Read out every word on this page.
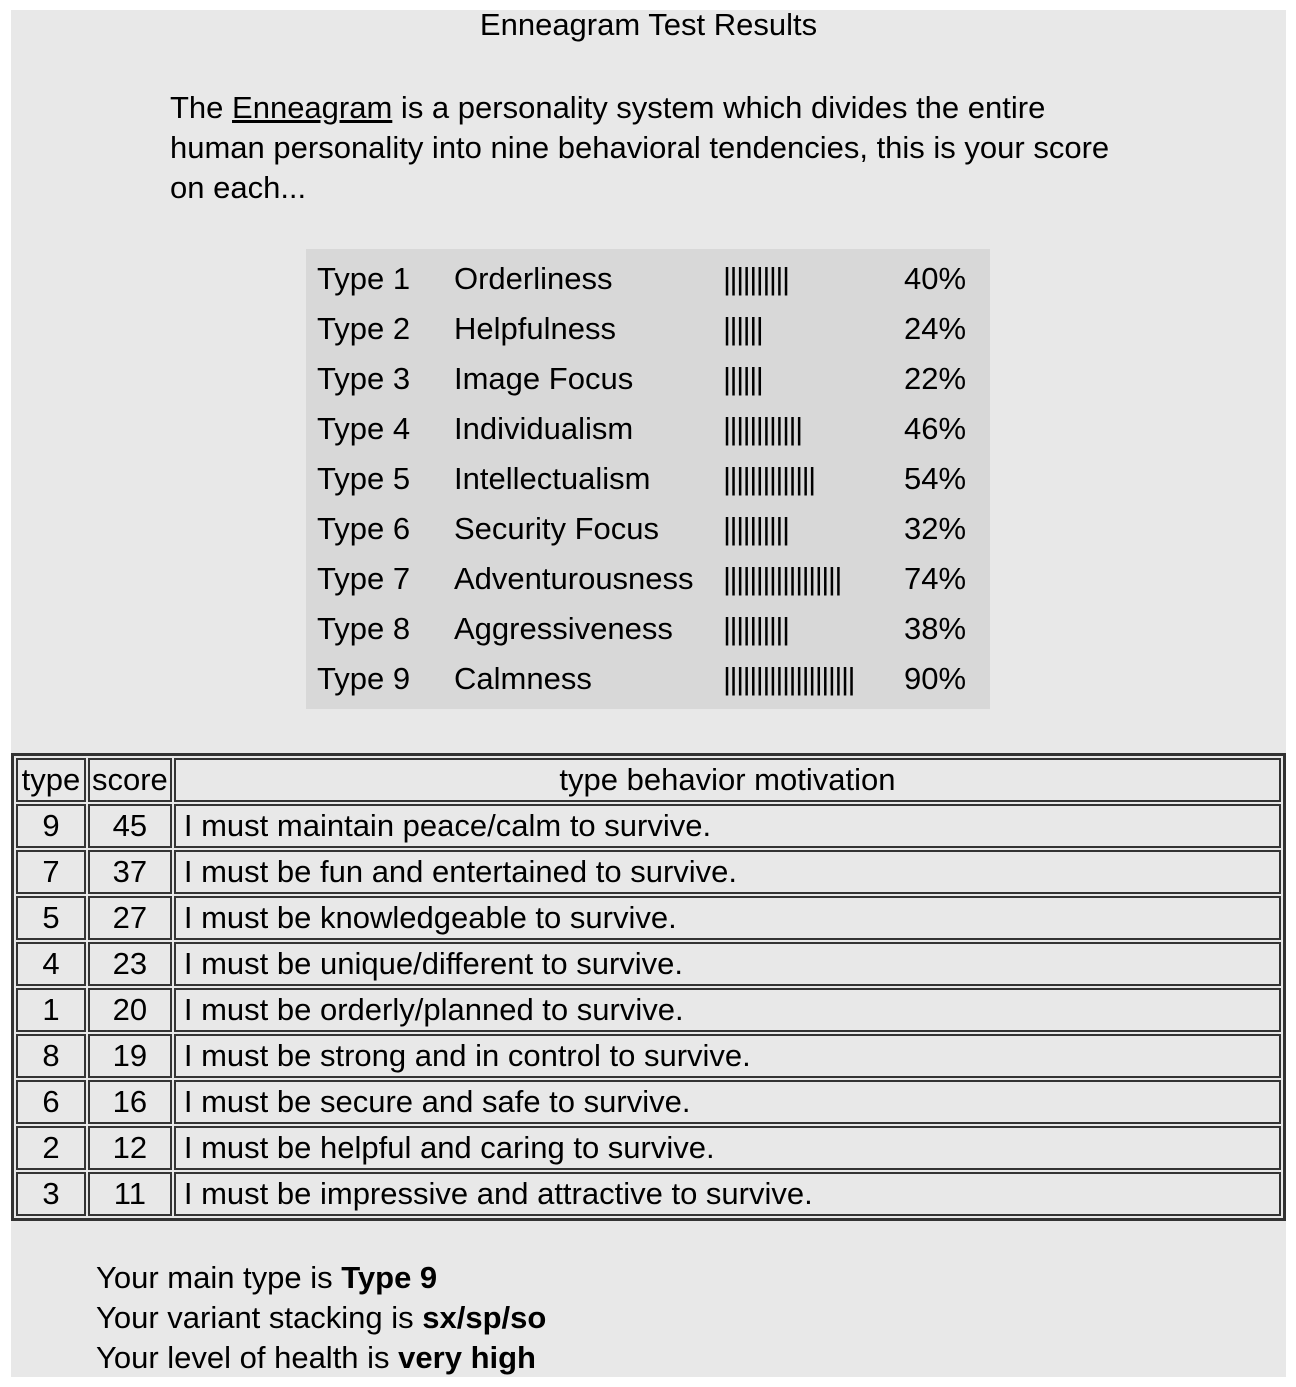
Enneagram Test Results
The Enneagram is a personality system which divides the entire human personality into nine behavioral tendencies, this is your score on each...
Type 1 Orderliness	||||||||||	40%
Type 2 Helpfulness	||||||	24%
Type 3 Image Focus	||||||	22%
Type 4 Individualism	||||||||||||	46%
Type 5 Intellectualism ||||||||||||||	54%
Type 6 Security Focus ||||||||||	32%
Type 7 Adventurousness |||||||||||||||||| 74%
Type 8 Aggressiveness ||||||||||	38%
Type 9 Calmness	|||||||||||||||||||| 90%
type	score	type behavior motivation
9	45	I must maintain peace/calm to survive.
7	37	I must be fun and entertained to survive.
5	27	I must be knowledgeable to survive.
4	23	I must be unique/different to survive.
1	20	I must be orderly/planned to survive.
8	19	I must be strong and in control to survive.
6	16	I must be secure and safe to survive.
2	12	I must be helpful and caring to survive.
3	11	I must be impressive and attractive to survive.
Your main type is Type 9
Your variant stacking is sx/sp/so
Your level of health is very high
